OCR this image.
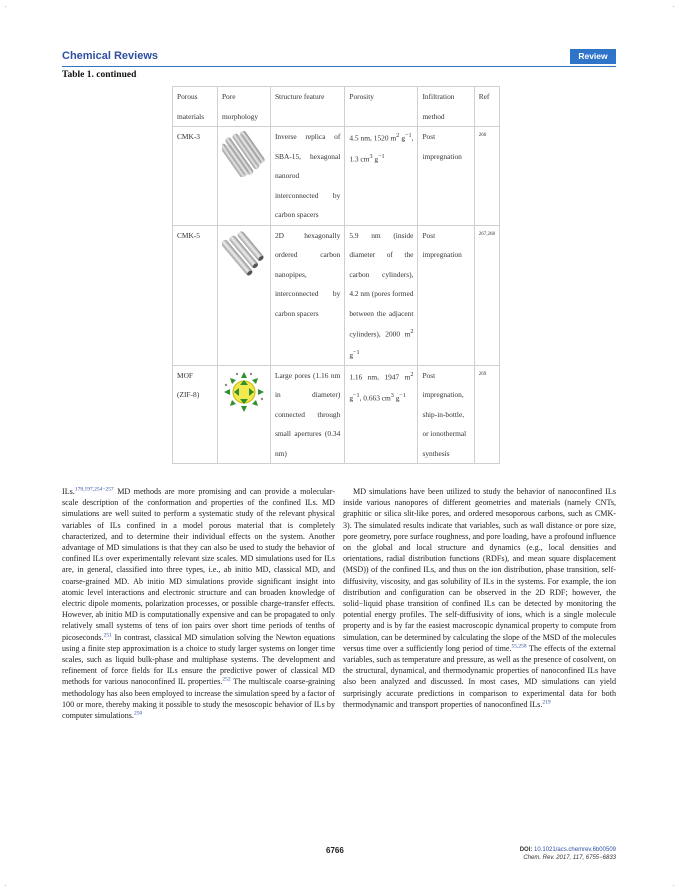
·	·
·	·
Chemical Reviews	Review
Table 1. continued
Porous materials	Pore morphology	Structure feature	Porosity	Infiltration method	Ref
CMK-3		Inverse replica of SBA-15, hexagonal nanorod interconnected by carbon spacers	4.5 nm, 1520 $m^2$ $g^{-1}$, 1.3 $cm^3$ $g^{-1}$	Post impregnation	266
CMK-5		2D hexagonally ordered carbon nanopipes, interconnected by carbon spacers	5.9 nm (inside diameter of the carbon cylinders), 4.2 nm (pores formed between the adjacent cylinders), 2000 $m^2$ $g^{-1}$	Post impregnation	267,268

MOF
(ZIF-8)		Large pores (1.16 nm in diameter) connected through small apertures (0.34 nm)	1.16 nm, 1947 $m^2$ $g^{-1}$, 0.663 $cm^3$ $g^{-1}$	Post impregnation, ship-in-bottle, or ionothermal synthesis	269

ILs.$^{178,197,254-257}$ MD methods are more promising and can provide a molecular-scale description of the conformation and properties of the confined ILs. MD simulations are well suited to perform a systematic study of the relevant physical variables of ILs confined in a model porous material that is completely characterized, and to determine their individual effects on the system. Another advantage of MD simulations is that they can also be used to study the behavior of confined ILs over experimentally relevant size scales. MD simulations used for ILs are, in general, classified into three types, i.e., ab initio MD, classical MD, and coarse-grained MD. Ab initio MD simulations provide significant insight into atomic level interactions and electronic structure and can broaden knowledge of electric dipole moments, polarization processes, or possible charge-transfer effects. However, ab initio MD is computationally expensive and can be propagated to only relatively small systems of tens of ion pairs over short time periods of tenths of picoseconds.$^{251}$ In contrast, classical MD simulation solving the Newton equations using a finite step approximation is a choice to study larger systems on longer time scales, such as liquid bulk-phase and multiphase systems. The development and refinement of force fields for ILs ensure the predictive power of classical MD methods for various nanoconfined IL properties.$^{252}$ The multiscale coarse-graining methodology has also been employed to increase the simulation speed by a factor of 100 or more, thereby making it possible to study the mesoscopic behavior of ILs by computer simulations.$^{250}$

MD simulations have been utilized to study the behavior of nanoconfined ILs inside various nanopores of different geometries and materials (namely CNTs, graphitic or silica slit-like pores, and ordered mesoporous carbons, such as CMK-3). The simulated results indicate that variables, such as wall distance or pore size, pore geometry, pore surface roughness, and pore loading, have a profound influence on the global and local structure and dynamics (e.g., local densities and orientations, radial distribution functions (RDFs), and mean square displacement (MSD)) of the confined ILs, and thus on the ion distribution, phase transition, self-diffusivity, viscosity, and gas solubility of ILs in the systems. For example, the ion distribution and configuration can be observed in the 2D RDF; however, the solid−liquid phase transition of confined ILs can be detected by monitoring the potential energy profiles. The self-diffusivity of ions, which is a single molecule property and is by far the easiest macroscopic dynamical property to compute from simulation, can be determined by calculating the slope of the MSD of the molecules versus time over a sufficiently long period of time.$^{55,258}$ The effects of the external variables, such as temperature and pressure, as well as the presence of cosolvent, on the structural, dynamical, and thermodynamic properties of nanoconfined ILs have also been analyzed and discussed. In most cases, MD simulations can yield surprisingly accurate predictions in comparison to experimental data for both thermodynamic and transport properties of nanoconfined ILs.$^{219}$

6766	DOI: 10.1021/acs.chemrev.6b00509
Chem. Rev. 2017, 117, 6755−6833
